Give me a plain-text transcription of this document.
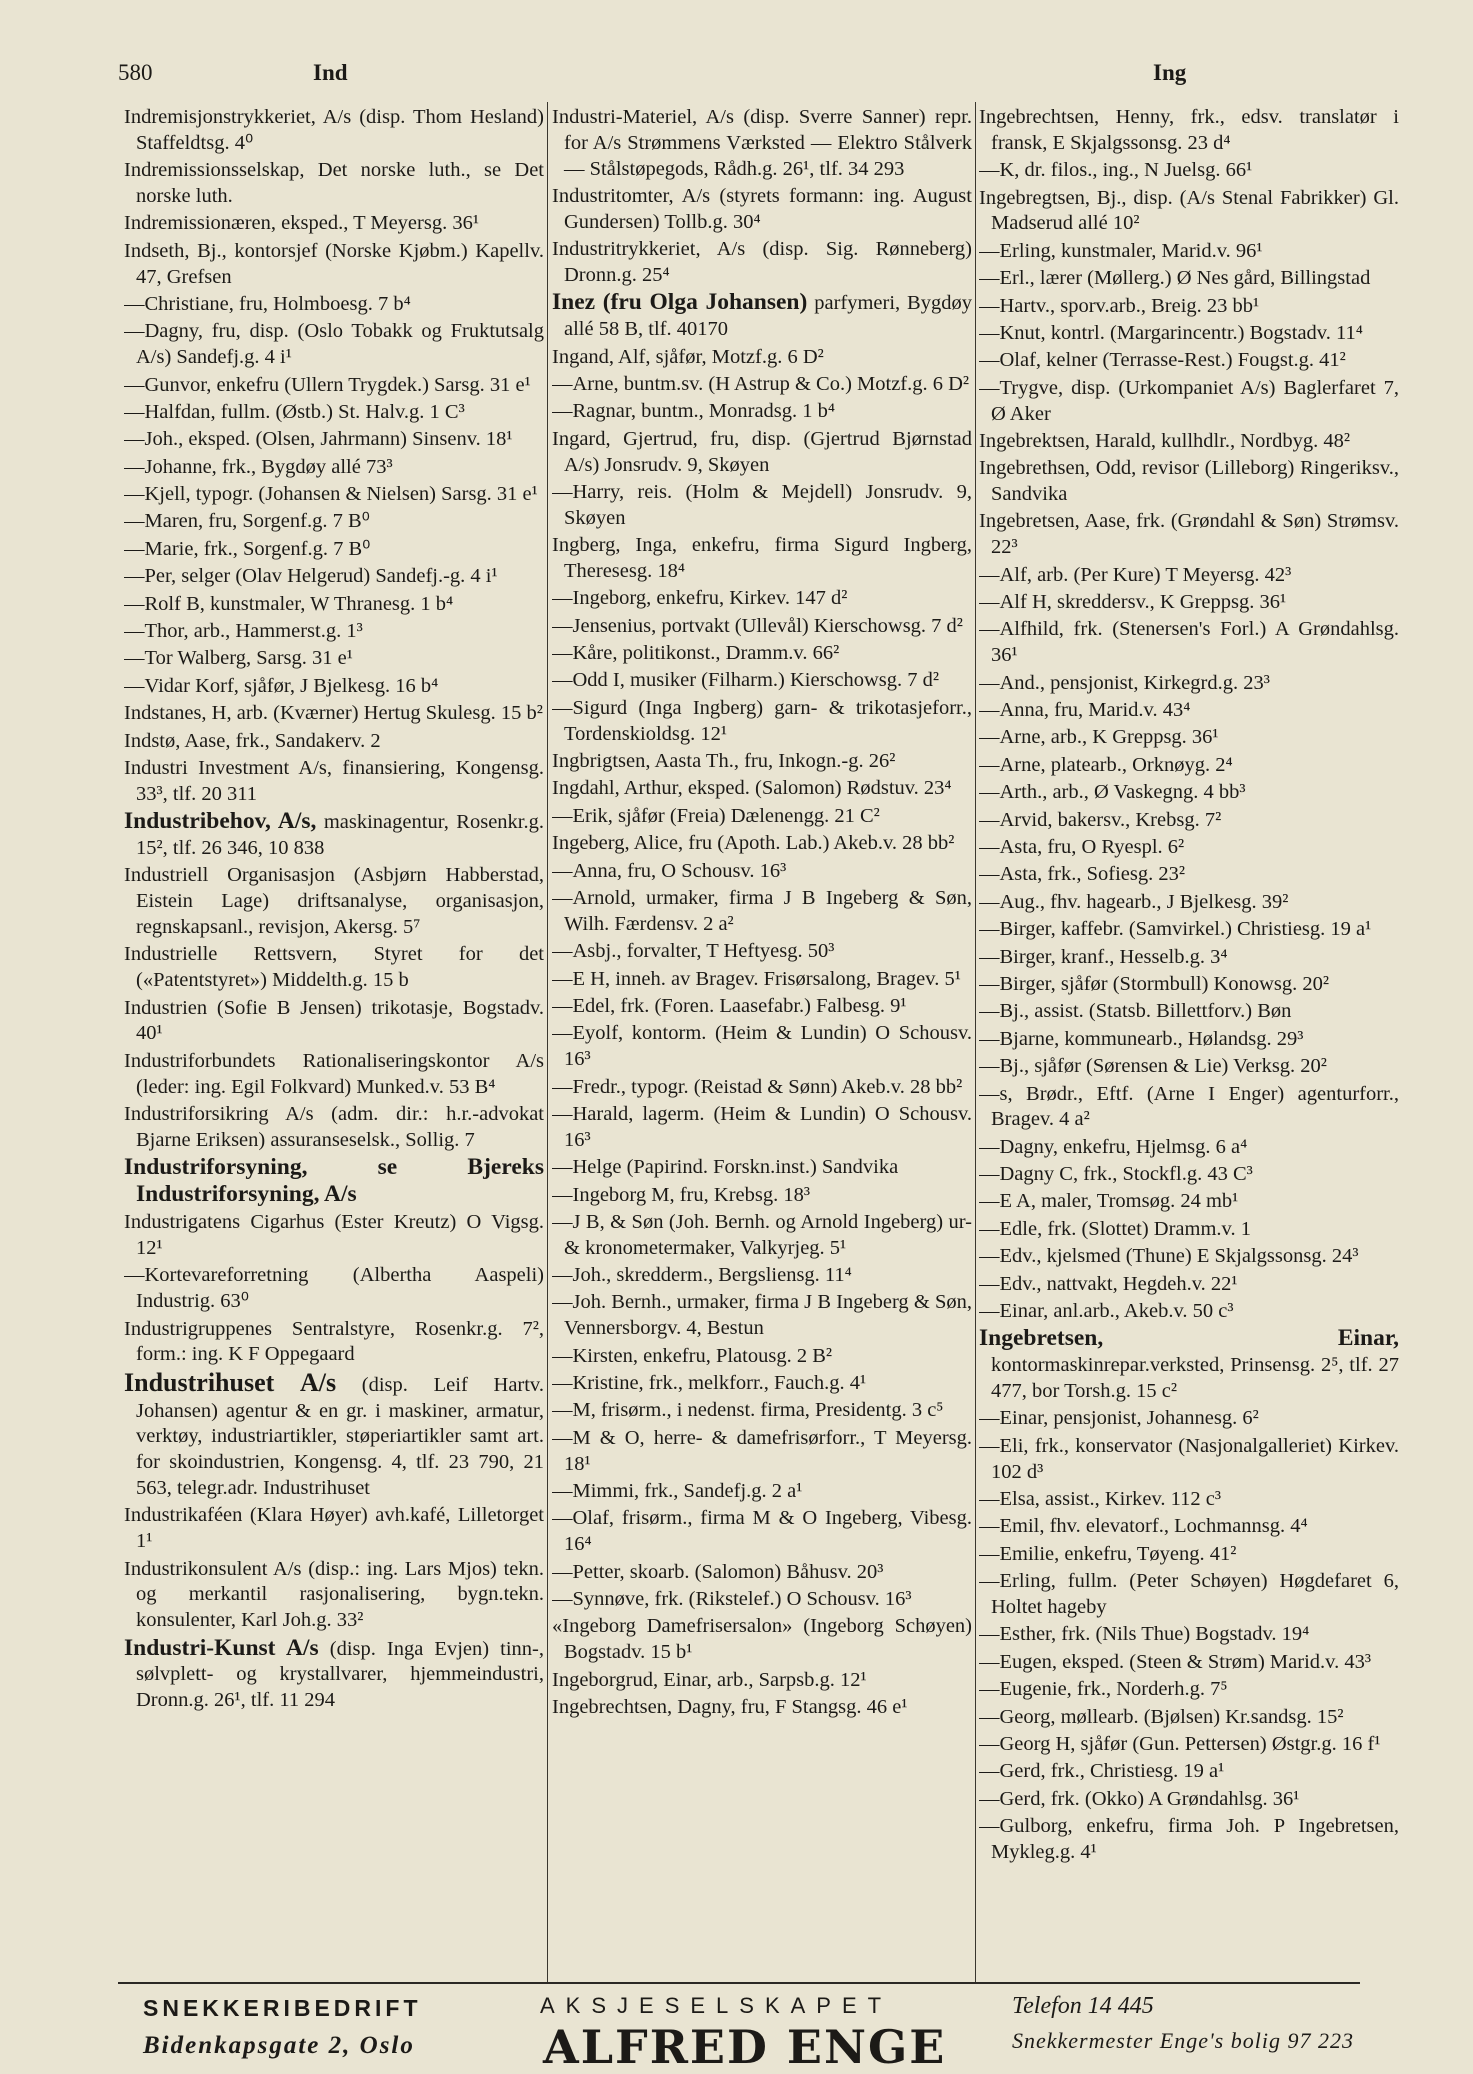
580	Ind	Ing
Indremisjonstrykkeriet, A/s (disp. Thom Hesland) Staffeldtsg. 4⁰
Indremissionsselskap, Det norske luth., se Det norske luth.
Indremissionæren, eksped., T Meyersg. 36¹
Indseth, Bj., kontorsjef (Norske Kjøbm.) Kapellv. 47, Grefsen
—Christiane, fru, Holmboesg. 7 b⁴
—Dagny, fru, disp. (Oslo Tobakk og Fruktutsalg A/s) Sandefj.g. 4 i¹
—Gunvor, enkefru (Ullern Trygdek.) Sarsg. 31 e¹
—Halfdan, fullm. (Østb.) St. Halv.g. 1 C³
—Joh., eksped. (Olsen, Jahrmann) Sinsenv. 18¹
—Johanne, frk., Bygdøy allé 73³
—Kjell, typogr. (Johansen & Nielsen) Sarsg. 31 e¹
—Maren, fru, Sorgenf.g. 7 B⁰
—Marie, frk., Sorgenf.g. 7 B⁰
—Per, selger (Olav Helgerud) Sandefj.-g. 4 i¹
—Rolf B, kunstmaler, W Thranesg. 1 b⁴
—Thor, arb., Hammerst.g. 1³
—Tor Walberg, Sarsg. 31 e¹
—Vidar Korf, sjåfør, J Bjelkesg. 16 b⁴
Indstanes, H, arb. (Kværner) Hertug Skulesg. 15 b²
Indstø, Aase, frk., Sandakerv. 2
Industri Investment A/s, finansiering, Kongensg. 33³, tlf. 20 311
Industribehov, A/s, maskinagentur, Rosenkr.g. 15², tlf. 26 346, 10 838
Industriell Organisasjon (Asbjørn Habberstad, Eistein Lage) driftsanalyse, organisasjon, regnskapsanl., revisjon, Akersg. 5⁷
Industrielle Rettsvern, Styret for det («Patentstyret») Middelth.g. 15 b
Industrien (Sofie B Jensen) trikotasje, Bogstadv. 40¹
Industriforbundets Rationaliseringskontor A/s (leder: ing. Egil Folkvard) Munked.v. 53 B⁴
Industriforsikring A/s (adm. dir.: h.r.-advokat Bjarne Eriksen) assuranseselsk., Sollig. 7
Industriforsyning, se Bjereks Industriforsyning, A/s
Industrigatens Cigarhus (Ester Kreutz) O Vigsg. 12¹
—Kortevareforretning (Albertha Aaspeli) Industrig. 63⁰
Industrigruppenes Sentralstyre, Rosenkr.g. 7², form.: ing. K F Oppegaard
Industrihuset A/s (disp. Leif Hartv. Johansen) agentur & en gr. i maskiner, armatur, verktøy, industriartikler, støperiartikler samt art. for skoindustrien, Kongensg. 4, tlf. 23 790, 21 563, telegr.adr. Industrihuset
Industrikaféen (Klara Høyer) avh.kafé, Lilletorget 1¹
Industrikonsulent A/s (disp.: ing. Lars Mjos) tekn. og merkantil rasjonalisering, bygn.tekn. konsulenter, Karl Joh.g. 33²
Industri-Kunst A/s (disp. Inga Evjen) tinn-, sølvplett- og krystallvarer, hjemmeindustri, Dronn.g. 26¹, tlf. 11 294
Industri-Materiel, A/s (disp. Sverre Sanner) repr. for A/s Strømmens Værksted — Elektro Stålverk — Stålstøpegods, Rådh.g. 26¹, tlf. 34 293
Industritomter, A/s (styrets formann: ing. August Gundersen) Tollb.g. 30⁴
Industritrykkeriet, A/s (disp. Sig. Rønneberg) Dronn.g. 25⁴
Inez (fru Olga Johansen) parfymeri, Bygdøy allé 58 B, tlf. 40170
Ingand, Alf, sjåfør, Motzf.g. 6 D²
—Arne, buntm.sv. (H Astrup & Co.) Motzf.g. 6 D²
—Ragnar, buntm., Monradsg. 1 b⁴
Ingard, Gjertrud, fru, disp. (Gjertrud Bjørnstad A/s) Jonsrudv. 9, Skøyen
—Harry, reis. (Holm & Mejdell) Jonsrudv. 9, Skøyen
Ingberg, Inga, enkefru, firma Sigurd Ingberg, Theresesg. 18⁴
—Ingeborg, enkefru, Kirkev. 147 d²
—Jensenius, portvakt (Ullevål) Kierschowsg. 7 d²
—Kåre, politikonst., Dramm.v. 66²
—Odd I, musiker (Filharm.) Kierschowsg. 7 d²
—Sigurd (Inga Ingberg) garn- & trikotasjeforr., Tordenskioldsg. 12¹
Ingbrigtsen, Aasta Th., fru, Inkogn.-g. 26²
Ingdahl, Arthur, eksped. (Salomon) Rødstuv. 23⁴
—Erik, sjåfør (Freia) Dælenengg. 21 C²
Ingeberg, Alice, fru (Apoth. Lab.) Akeb.v. 28 bb²
—Anna, fru, O Schousv. 16³
—Arnold, urmaker, firma J B Ingeberg & Søn, Wilh. Færdensv. 2 a²
—Asbj., forvalter, T Heftyesg. 50³
—E H, inneh. av Bragev. Frisørsalong, Bragev. 5¹
—Edel, frk. (Foren. Laasefabr.) Falbesg. 9¹
—Eyolf, kontorm. (Heim & Lundin) O Schousv. 16³
—Fredr., typogr. (Reistad & Sønn) Akeb.v. 28 bb²
—Harald, lagerm. (Heim & Lundin) O Schousv. 16³
—Helge (Papirind. Forskn.inst.) Sandvika
—Ingeborg M, fru, Krebsg. 18³
—J B, & Søn (Joh. Bernh. og Arnold Ingeberg) ur- & kronometermaker, Valkyrjeg. 5¹
—Joh., skredderm., Bergsliensg. 11⁴
—Joh. Bernh., urmaker, firma J B Ingeberg & Søn, Vennersborgv. 4, Bestun
—Kirsten, enkefru, Platousg. 2 B²
—Kristine, frk., melkforr., Fauch.g. 4¹
—M, frisørm., i nedenst. firma, Presidentg. 3 c⁵
—M & O, herre- & damefrisørforr., T Meyersg. 18¹
—Mimmi, frk., Sandefj.g. 2 a¹
—Olaf, frisørm., firma M & O Ingeberg, Vibesg. 16⁴
—Petter, skoarb. (Salomon) Båhusv. 20³
—Synnøve, frk. (Rikstelef.) O Schousv. 16³
«Ingeborg Damefrisersalon» (Ingeborg Schøyen) Bogstadv. 15 b¹
Ingeborgrud, Einar, arb., Sarpsb.g. 12¹
Ingebrechtsen, Dagny, fru, F Stangsg. 46 e¹
Ingebrechtsen, Henny, frk., edsv. translatør i fransk, E Skjalgssonsg. 23 d⁴
—K, dr. filos., ing., N Juelsg. 66¹
Ingebregtsen, Bj., disp. (A/s Stenal Fabrikker) Gl. Madserud allé 10²
—Erling, kunstmaler, Marid.v. 96¹
—Erl., lærer (Møllerg.) Ø Nes gård, Billingstad
—Hartv., sporv.arb., Breig. 23 bb¹
—Knut, kontrl. (Margarincentr.) Bogstadv. 11⁴
—Olaf, kelner (Terrasse-Rest.) Fougst.g. 41²
—Trygve, disp. (Urkompaniet A/s) Baglerfaret 7, Ø Aker
Ingebrektsen, Harald, kullhdlr., Nordbyg. 48²
Ingebrethsen, Odd, revisor (Lilleborg) Ringeriksv., Sandvika
Ingebretsen, Aase, frk. (Grøndahl & Søn) Strømsv. 22³
—Alf, arb. (Per Kure) T Meyersg. 42³
—Alf H, skreddersv., K Greppsg. 36¹
—Alfhild, frk. (Stenersen's Forl.) A Grøndahlsg. 36¹
—And., pensjonist, Kirkegrd.g. 23³
—Anna, fru, Marid.v. 43⁴
—Arne, arb., K Greppsg. 36¹
—Arne, platearb., Orknøyg. 2⁴
—Arth., arb., Ø Vaskegng. 4 bb³
—Arvid, bakersv., Krebsg. 7²
—Asta, fru, O Ryespl. 6²
—Asta, frk., Sofiesg. 23²
—Aug., fhv. hagearb., J Bjelkesg. 39²
—Birger, kaffebr. (Samvirkel.) Christiesg. 19 a¹
—Birger, kranf., Hesselb.g. 3⁴
—Birger, sjåfør (Stormbull) Konowsg. 20²
—Bj., assist. (Statsb. Billettforv.) Bøn
—Bjarne, kommunearb., Hølandsg. 29³
—Bj., sjåfør (Sørensen & Lie) Verksg. 20²
—s, Brødr., Eftf. (Arne I Enger) agenturforr., Bragev. 4 a²
—Dagny, enkefru, Hjelmsg. 6 a⁴
—Dagny C, frk., Stockfl.g. 43 C³
—E A, maler, Tromsøg. 24 mb¹
—Edle, frk. (Slottet) Dramm.v. 1
—Edv., kjelsmed (Thune) E Skjalgssonsg. 24³
—Edv., nattvakt, Hegdeh.v. 22¹
—Einar, anl.arb., Akeb.v. 50 c³
Ingebretsen, Einar, kontormaskinrepar.verksted, Prinsensg. 2⁵, tlf. 27 477, bor Torsh.g. 15 c²
—Einar, pensjonist, Johannesg. 6²
—Eli, frk., konservator (Nasjonalgalleriet) Kirkev. 102 d³
—Elsa, assist., Kirkev. 112 c³
—Emil, fhv. elevatorf., Lochmannsg. 4⁴
—Emilie, enkefru, Tøyeng. 41²
—Erling, fullm. (Peter Schøyen) Høgdefaret 6, Holtet hageby
—Esther, frk. (Nils Thue) Bogstadv. 19⁴
—Eugen, eksped. (Steen & Strøm) Marid.v. 43³
—Eugenie, frk., Norderh.g. 7⁵
—Georg, møllearb. (Bjølsen) Kr.sandsg. 15²
—Georg H, sjåfør (Gun. Pettersen) Østgr.g. 16 f¹
—Gerd, frk., Christiesg. 19 a¹
—Gerd, frk. (Okko) A Grøndahlsg. 36¹
—Gulborg, enkefru, firma Joh. P Ingebretsen, Mykleg.g. 4¹
SNEKKERIBEDRIFT
Bidenkapsgate 2, Oslo
AKSJESELSKAPET
ALFRED ENGE
Telefon 14 445
Snekkermester Enge's bolig 97 223
